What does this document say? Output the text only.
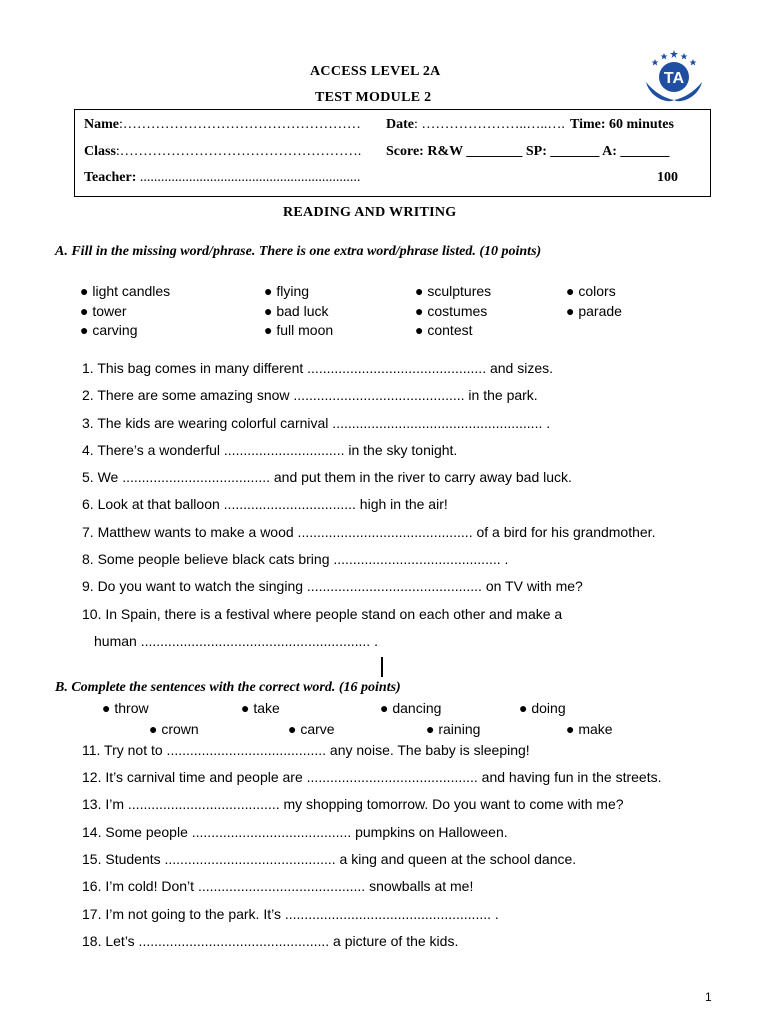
ACCESS LEVEL 2A
TEST MODULE 2
TA
Name:…………………………………………… Date: …………………..…..…. Time: 60 minutes
Class:……………………………………………. Score: R&W ________ SP: _______ A: _______
Teacher: ...............................................................	100
READING AND WRITING
A. Fill in the missing word/phrase. There is one extra word/phrase listed. (10 points)
● light candles	● flying	● sculptures	● colors
● tower	● bad luck	● costumes	● parade
● carving	● full moon	● contest
1. This bag comes in many different .............................................. and sizes.
2. There are some amazing snow ............................................ in the park.
3. The kids are wearing colorful carnival ...................................................... .
4. There’s a wonderful ............................... in the sky tonight.
5. We ...................................... and put them in the river to carry away bad luck.
6. Look at that balloon .................................. high in the air!
7. Matthew wants to make a wood ............................................. of a bird for his grandmother.
8. Some people believe black cats bring ........................................... .
9. Do you want to watch the singing ............................................. on TV with me?
10. In Spain, there is a festival where people stand on each other and make a
human ........................................................... .
B. Complete the sentences with the correct word. (16 points)
● throw	● take	● dancing	● doing
● crown	● carve	● raining	● make
11. Try not to ......................................... any noise. The baby is sleeping!
12. It’s carnival time and people are ............................................ and having fun in the streets.
13. I’m ....................................... my shopping tomorrow. Do you want to come with me?
14. Some people ......................................... pumpkins on Halloween.
15. Students ............................................ a king and queen at the school dance.
16. I’m cold! Don’t ........................................... snowballs at me!
17. I’m not going to the park. It’s ..................................................... .
18. Let’s ................................................. a picture of the kids.
1
